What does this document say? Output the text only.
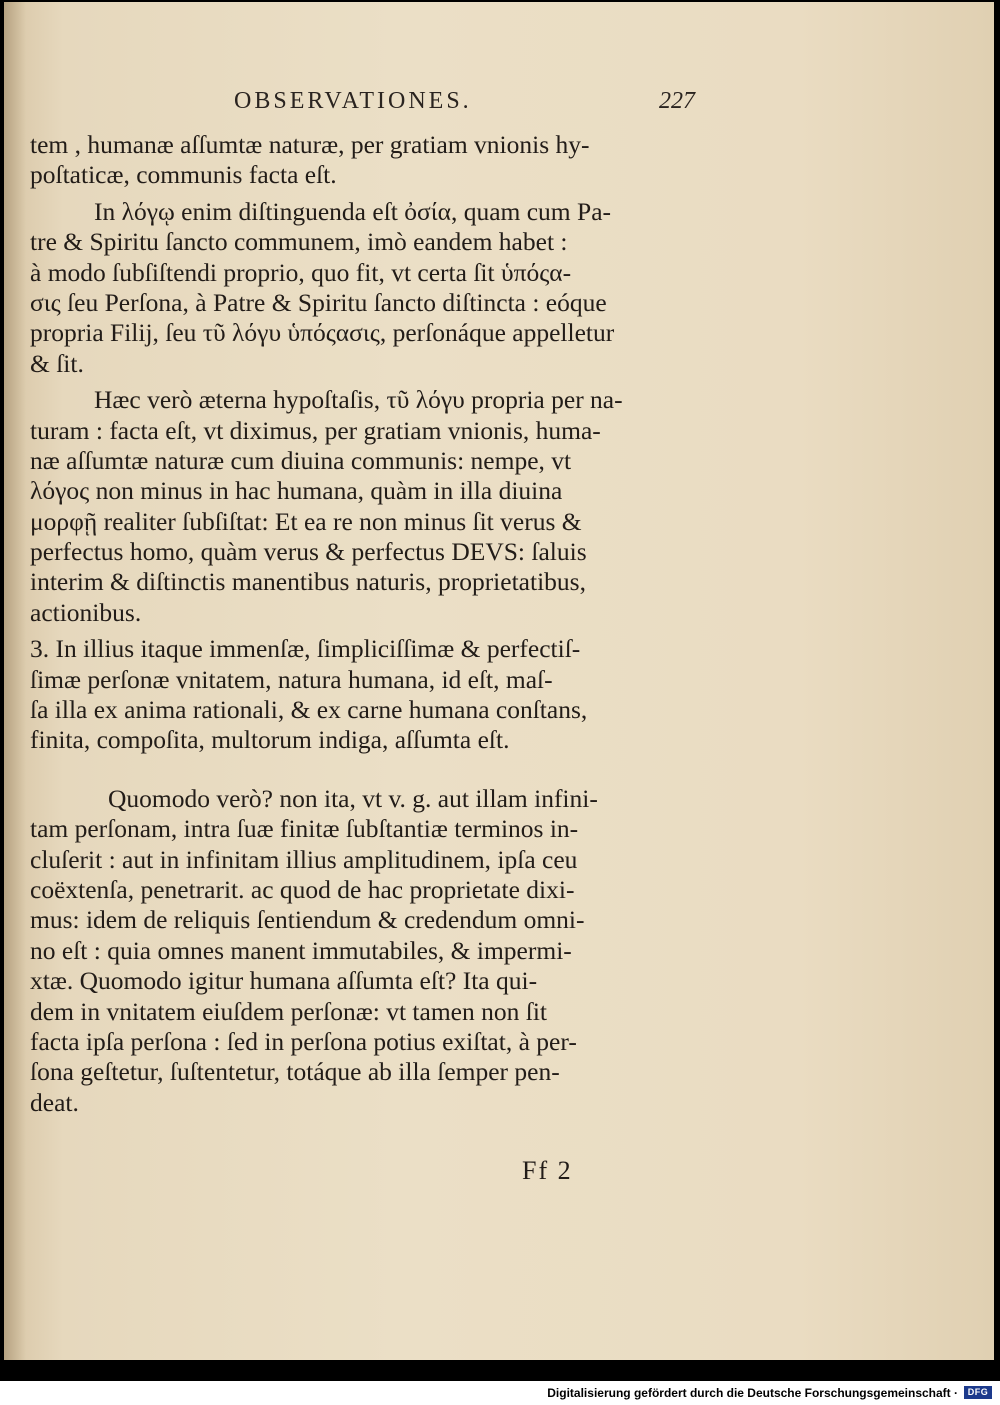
OBSERVATIONES.	227
tem , humanæ aſſumtæ naturæ, per gratiam vnionis hy-
poſtaticæ, communis facta eſt.
In λόγῳ enim diſtinguenda eſt ὀσία, quam cum Pa-
tre & Spiritu ſancto communem, imò eandem habet :
à modo ſubſiſtendi proprio, quo fit, vt certa ſit ὑπόςα-
σις ſeu Perſona, à Patre & Spiritu ſancto diſtincta : eóque
propria Filij, ſeu τῦ λόγυ ὑπόςασις, perſonáque appelletur
& ſit.
Hæc verò æterna hypoſtaſis, τῦ λόγυ propria per na-
turam : facta eſt, vt diximus, per gratiam vnionis, huma-
næ aſſumtæ naturæ cum diuina communis: nempe, vt
λόγος non minus in hac humana, quàm in illa diuina
μορφῇ realiter ſubſiſtat: Et ea re non minus ſit verus &
perfectus homo, quàm verus & perfectus DEVS: ſaluis
interim & diſtinctis manentibus naturis, proprietatibus,
actionibus.
3. In illius itaque immenſæ, ſimpliciſſimæ & perfectiſ-
ſimæ perſonæ vnitatem, natura humana, id eſt, maſ-
ſa illa ex anima rationali, & ex carne humana conſtans,
finita, compoſita, multorum indiga, aſſumta eſt.
Quomodo verò? non ita, vt v. g. aut illam infini-
tam perſonam, intra ſuæ finitæ ſubſtantiæ terminos in-
cluſerit : aut in infinitam illius amplitudinem, ipſa ceu
coëxtenſa, penetrarit. ac quod de hac proprietate dixi-
mus: idem de reliquis ſentiendum & credendum omni-
no eſt : quia omnes manent immutabiles, & impermi-
xtæ. Quomodo igitur humana aſſumta eſt? Ita qui-
dem in vnitatem eiuſdem perſonæ: vt tamen non ſit
facta ipſa perſona : ſed in perſona potius exiſtat, à per-
ſona geſtetur, ſuſtentetur, totáque ab illa ſemper pen-
deat.
Ff 2
Digitalisierung gefördert durch die Deutsche Forschungsgemeinschaft ·	DFG
